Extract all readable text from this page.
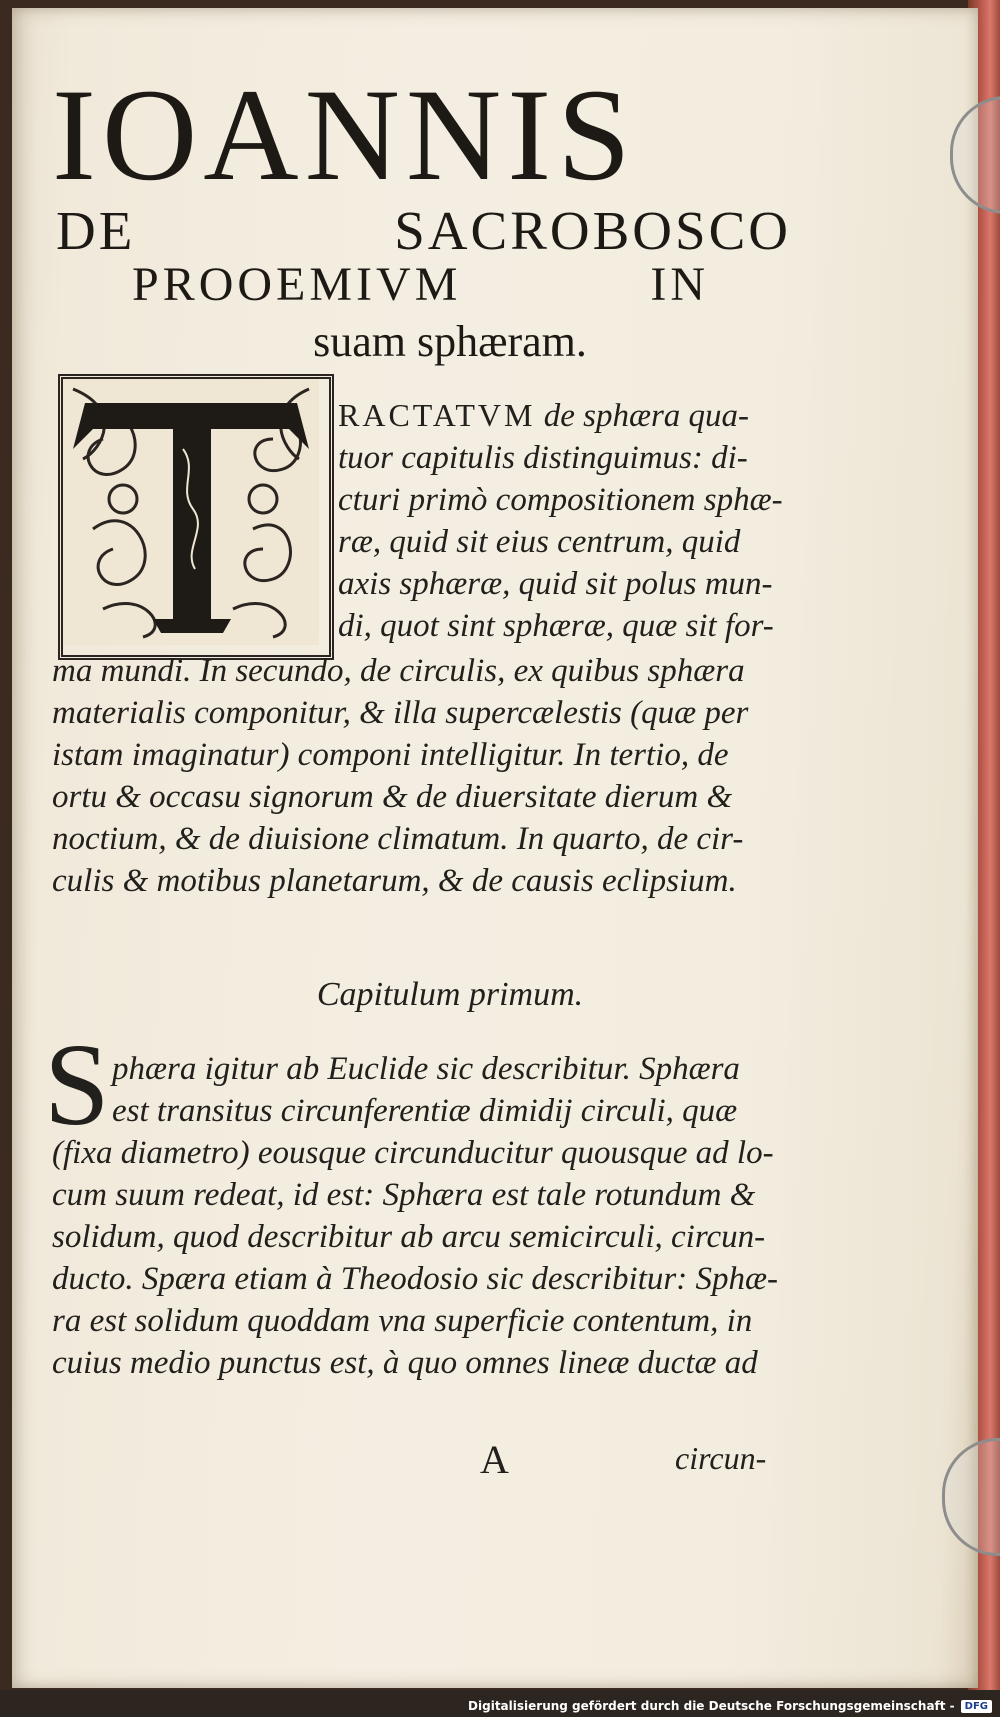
IOANNIS
DE SACROBOSCO
PROOEMIVM IN
suam sphæram.
RACTATVM de sphæra qua-
tuor capitulis distinguimus: di-
cturi primò compositionem sphæ-
ræ, quid sit eius centrum, quid
axis sphæræ, quid sit polus mun-
di, quot sint sphæræ, quæ sit for-
ma mundi. In secundo, de circulis, ex quibus sphæra
materialis componitur, & illa supercælestis (quæ per
istam imaginatur) componi intelligitur. In tertio, de
ortu & occasu signorum & de diuersitate dierum &
noctium, & de diuisione climatum. In quarto, de cir-
culis & motibus planetarum, & de causis eclipsium.
Capitulum primum.
S phæra igitur ab Euclide sic describitur. Sphæra
est transitus circunferentiæ dimidij circuli, quæ
(fixa diametro) eousque circunducitur quousque ad lo-
cum suum redeat, id est: Sphæra est tale rotundum &
solidum, quod describitur ab arcu semicirculi, circun-
ducto. Spæra etiam à Theodosio sic describitur: Sphæ-
ra est solidum quoddam vna superficie contentum, in
cuius medio punctus est, à quo omnes lineæ ductæ ad
A	circun-
Digitalisierung gefördert durch die Deutsche Forschungsgemeinschaft -	DFG
